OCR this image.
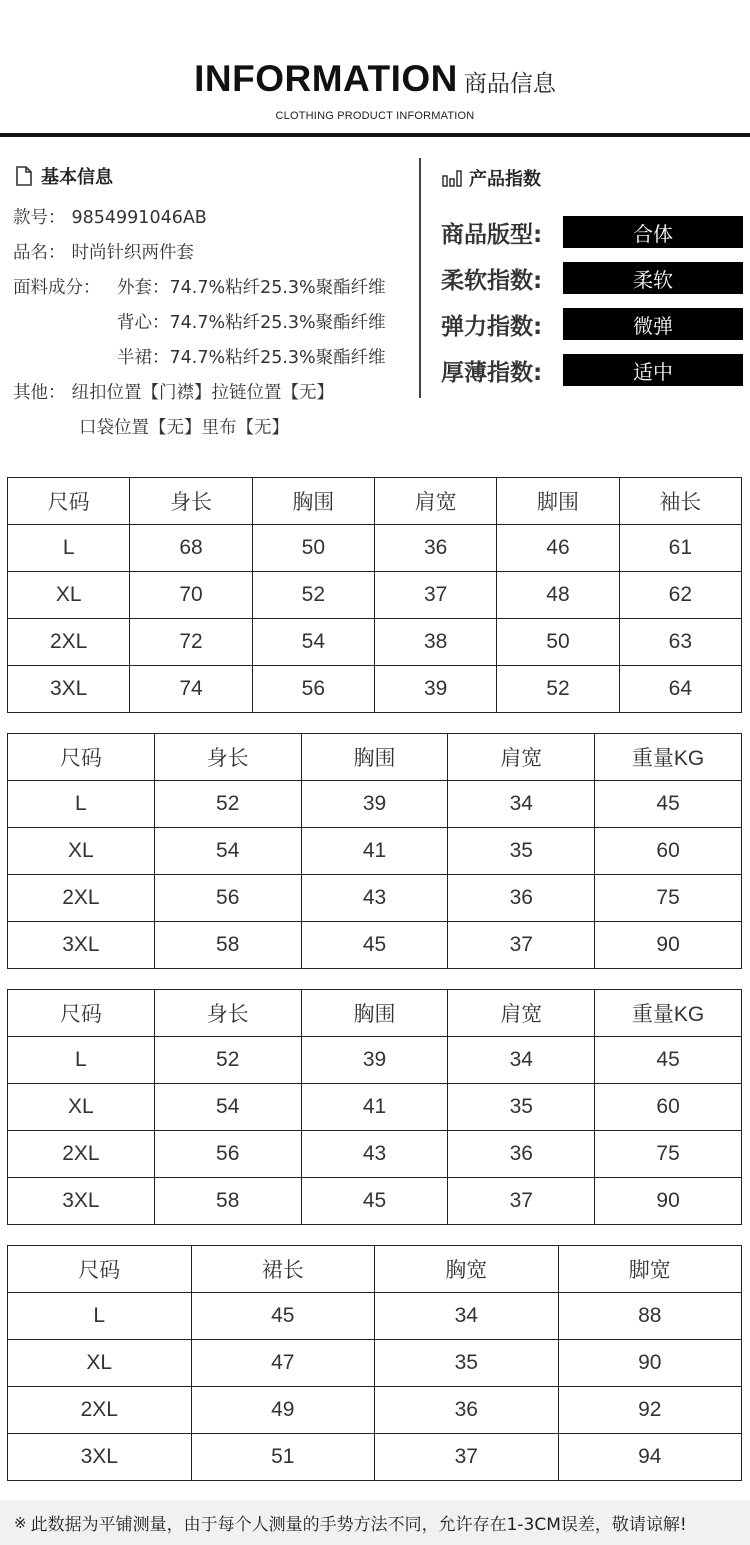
INFORMATION 商品信息
CLOTHING PRODUCT INFORMATION
基本信息
款号： 9854991046AB
品名： 时尚针织两件套
面料成分： 外套：74.7%粘纤25.3%聚酯纤维
背心：74.7%粘纤25.3%聚酯纤维
半裙：74.7%粘纤25.3%聚酯纤维
其他： 纽扣位置【门襟】拉链位置【无】
口袋位置【无】里布【无】
产品指数
商品版型:	合体
柔软指数:	柔软
弹力指数:	微弹
厚薄指数:	适中
尺码	身长	胸围	肩宽	脚围	袖长
L	68	50	36	46	61
XL	70	52	37	48	62
2XL	72	54	38	50	63
3XL	74	56	39	52	64
尺码	身长	胸围	肩宽	重量KG
L	52	39	34	45
XL	54	41	35	60
2XL	56	43	36	75
3XL	58	45	37	90
尺码	身长	胸围	肩宽	重量KG
L	52	39	34	45
XL	54	41	35	60
2XL	56	43	36	75
3XL	58	45	37	90
尺码	裙长	胸宽	脚宽
L	45	34	88
XL	47	35	90
2XL	49	36	92
3XL	51	37	94
※ 此数据为平铺测量，由于每个人测量的手势方法不同，允许存在1-3CM误差，敬请谅解!
